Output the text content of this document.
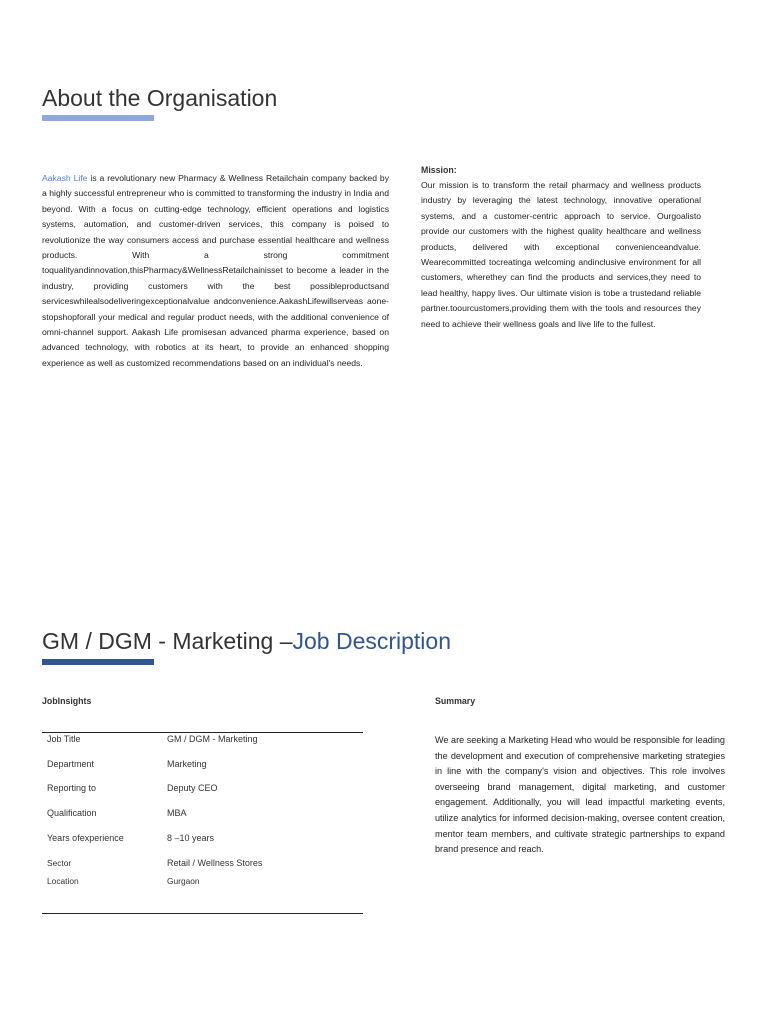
About the Organisation

Aakash Life is a revolutionary new Pharmacy & Wellness Retailchain company backed by a highly successful entrepreneur who is committed to transforming the industry in India and beyond. With a focus on cutting-edge technology, efficient operations and logistics systems, automation, and customer-driven services, this company is poised to revolutionize the way consumers access and purchase essential healthcare and wellness products. With a strong commitment toqualityandinnovation,thisPharmacy&WellnessRetailchainisset to become a leader in the industry, providing customers with the best possibleproductsand serviceswhilealsodeliveringexceptionalvalue andconvenience.AakashLifewillserveas aone-stopshopforall your medical and regular product needs, with the additional convenience of omni-channel support. Aakash Life promisesan advanced pharma experience, based on advanced technology, with robotics at its heart, to provide an enhanced shopping experience as well as customized recommendations based on an individual's needs.

Mission:

Our mission is to transform the retail pharmacy and wellness products industry by leveraging the latest technology, innovative operational systems, and a customer-centric approach to service. Ourgoalisto provide our customers with the highest quality healthcare and wellness products, delivered with exceptional convenienceandvalue. Wearecommitted tocreatinga welcoming andinclusive environment for all customers, wherethey can find the products and services,they need to lead healthy, happy lives. Our ultimate vision is tobe a trustedand reliable partner.toourcustomers,providing them with the tools and resources they need to achieve their wellness goals and live life to the fullest.

GM / DGM - Marketing –Job Description

JobInsights

Job Title	GM / DGM - Marketing
Department	Marketing
Reporting to	Deputy CEO
Qualification	MBA
Years ofexperience	8 –10 years
Sector	Retail / Wellness Stores
Location	Gurgaon

Summary

We are seeking a Marketing Head who would be responsible for leading the development and execution of comprehensive marketing strategies in line with the company's vision and objectives. This role involves overseeing brand management, digital marketing, and customer engagement. Additionally, you will lead impactful marketing events, utilize analytics for informed decision-making, oversee content creation, mentor team members, and cultivate strategic partnerships to expand brand presence and reach.
